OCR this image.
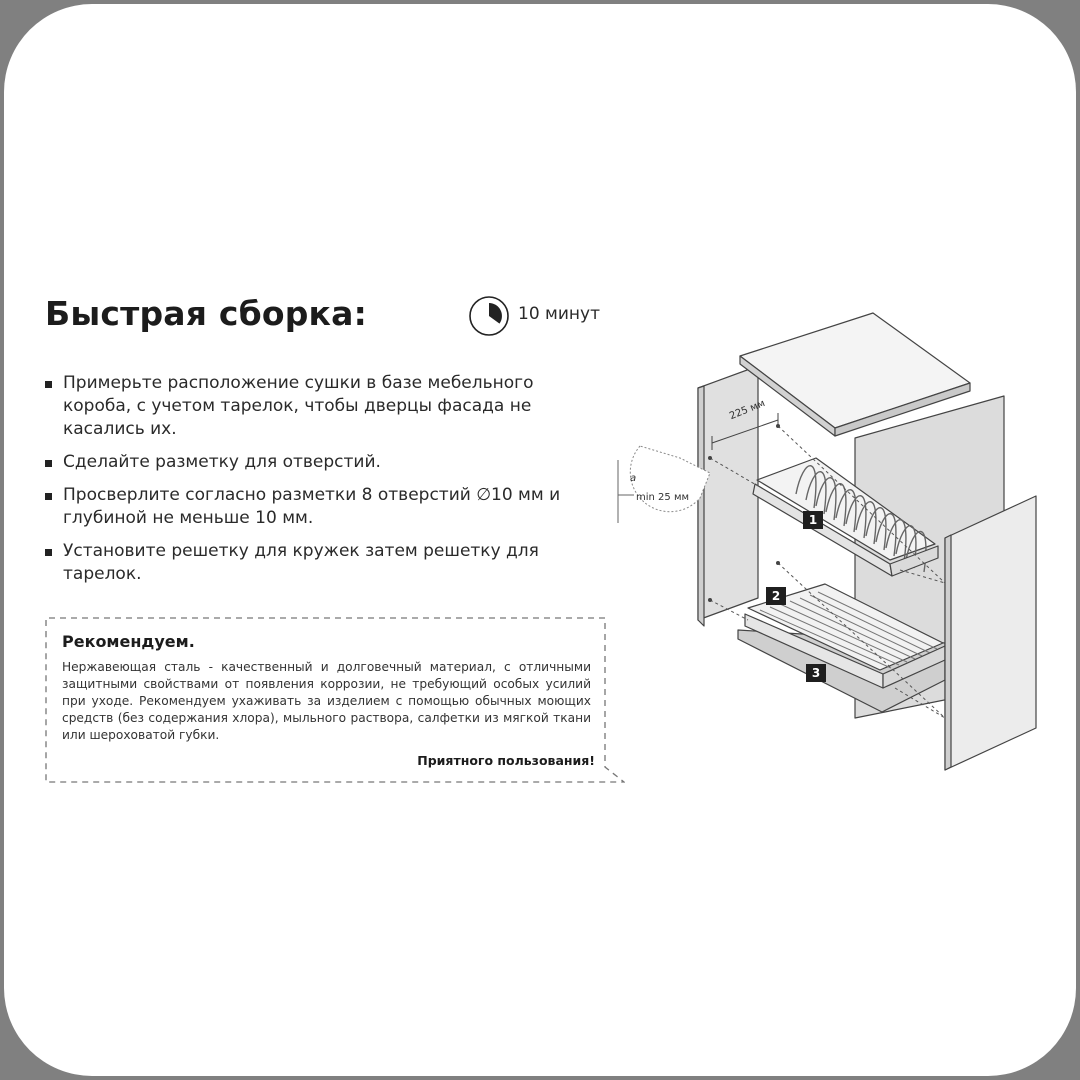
Быстрая сборка:	10 минут
Примерьте расположение сушки в базе мебельного короба, с учетом тарелок, чтобы дверцы фасада не касались их.
Сделайте разметку для отверстий.
Просверлите согласно разметки 8 отверстий ∅10 мм и глубиной не меньше 10 мм.
Установите решетку для кружек затем решетку для тарелок.
Рекомендуем.
Нержавеющая сталь - качественный и долговечный материал, с отличными защитными свойствами от появления коррозии, не требующий особых усилий при уходе. Рекомендуем ухаживать за изделием с помощью обычных моющих средств (без содержания хлора), мыльного раствора, салфетки из мягкой ткани или шероховатой губки.
Приятного пользования!
225 мм
a
min 25 мм
1
2
3
